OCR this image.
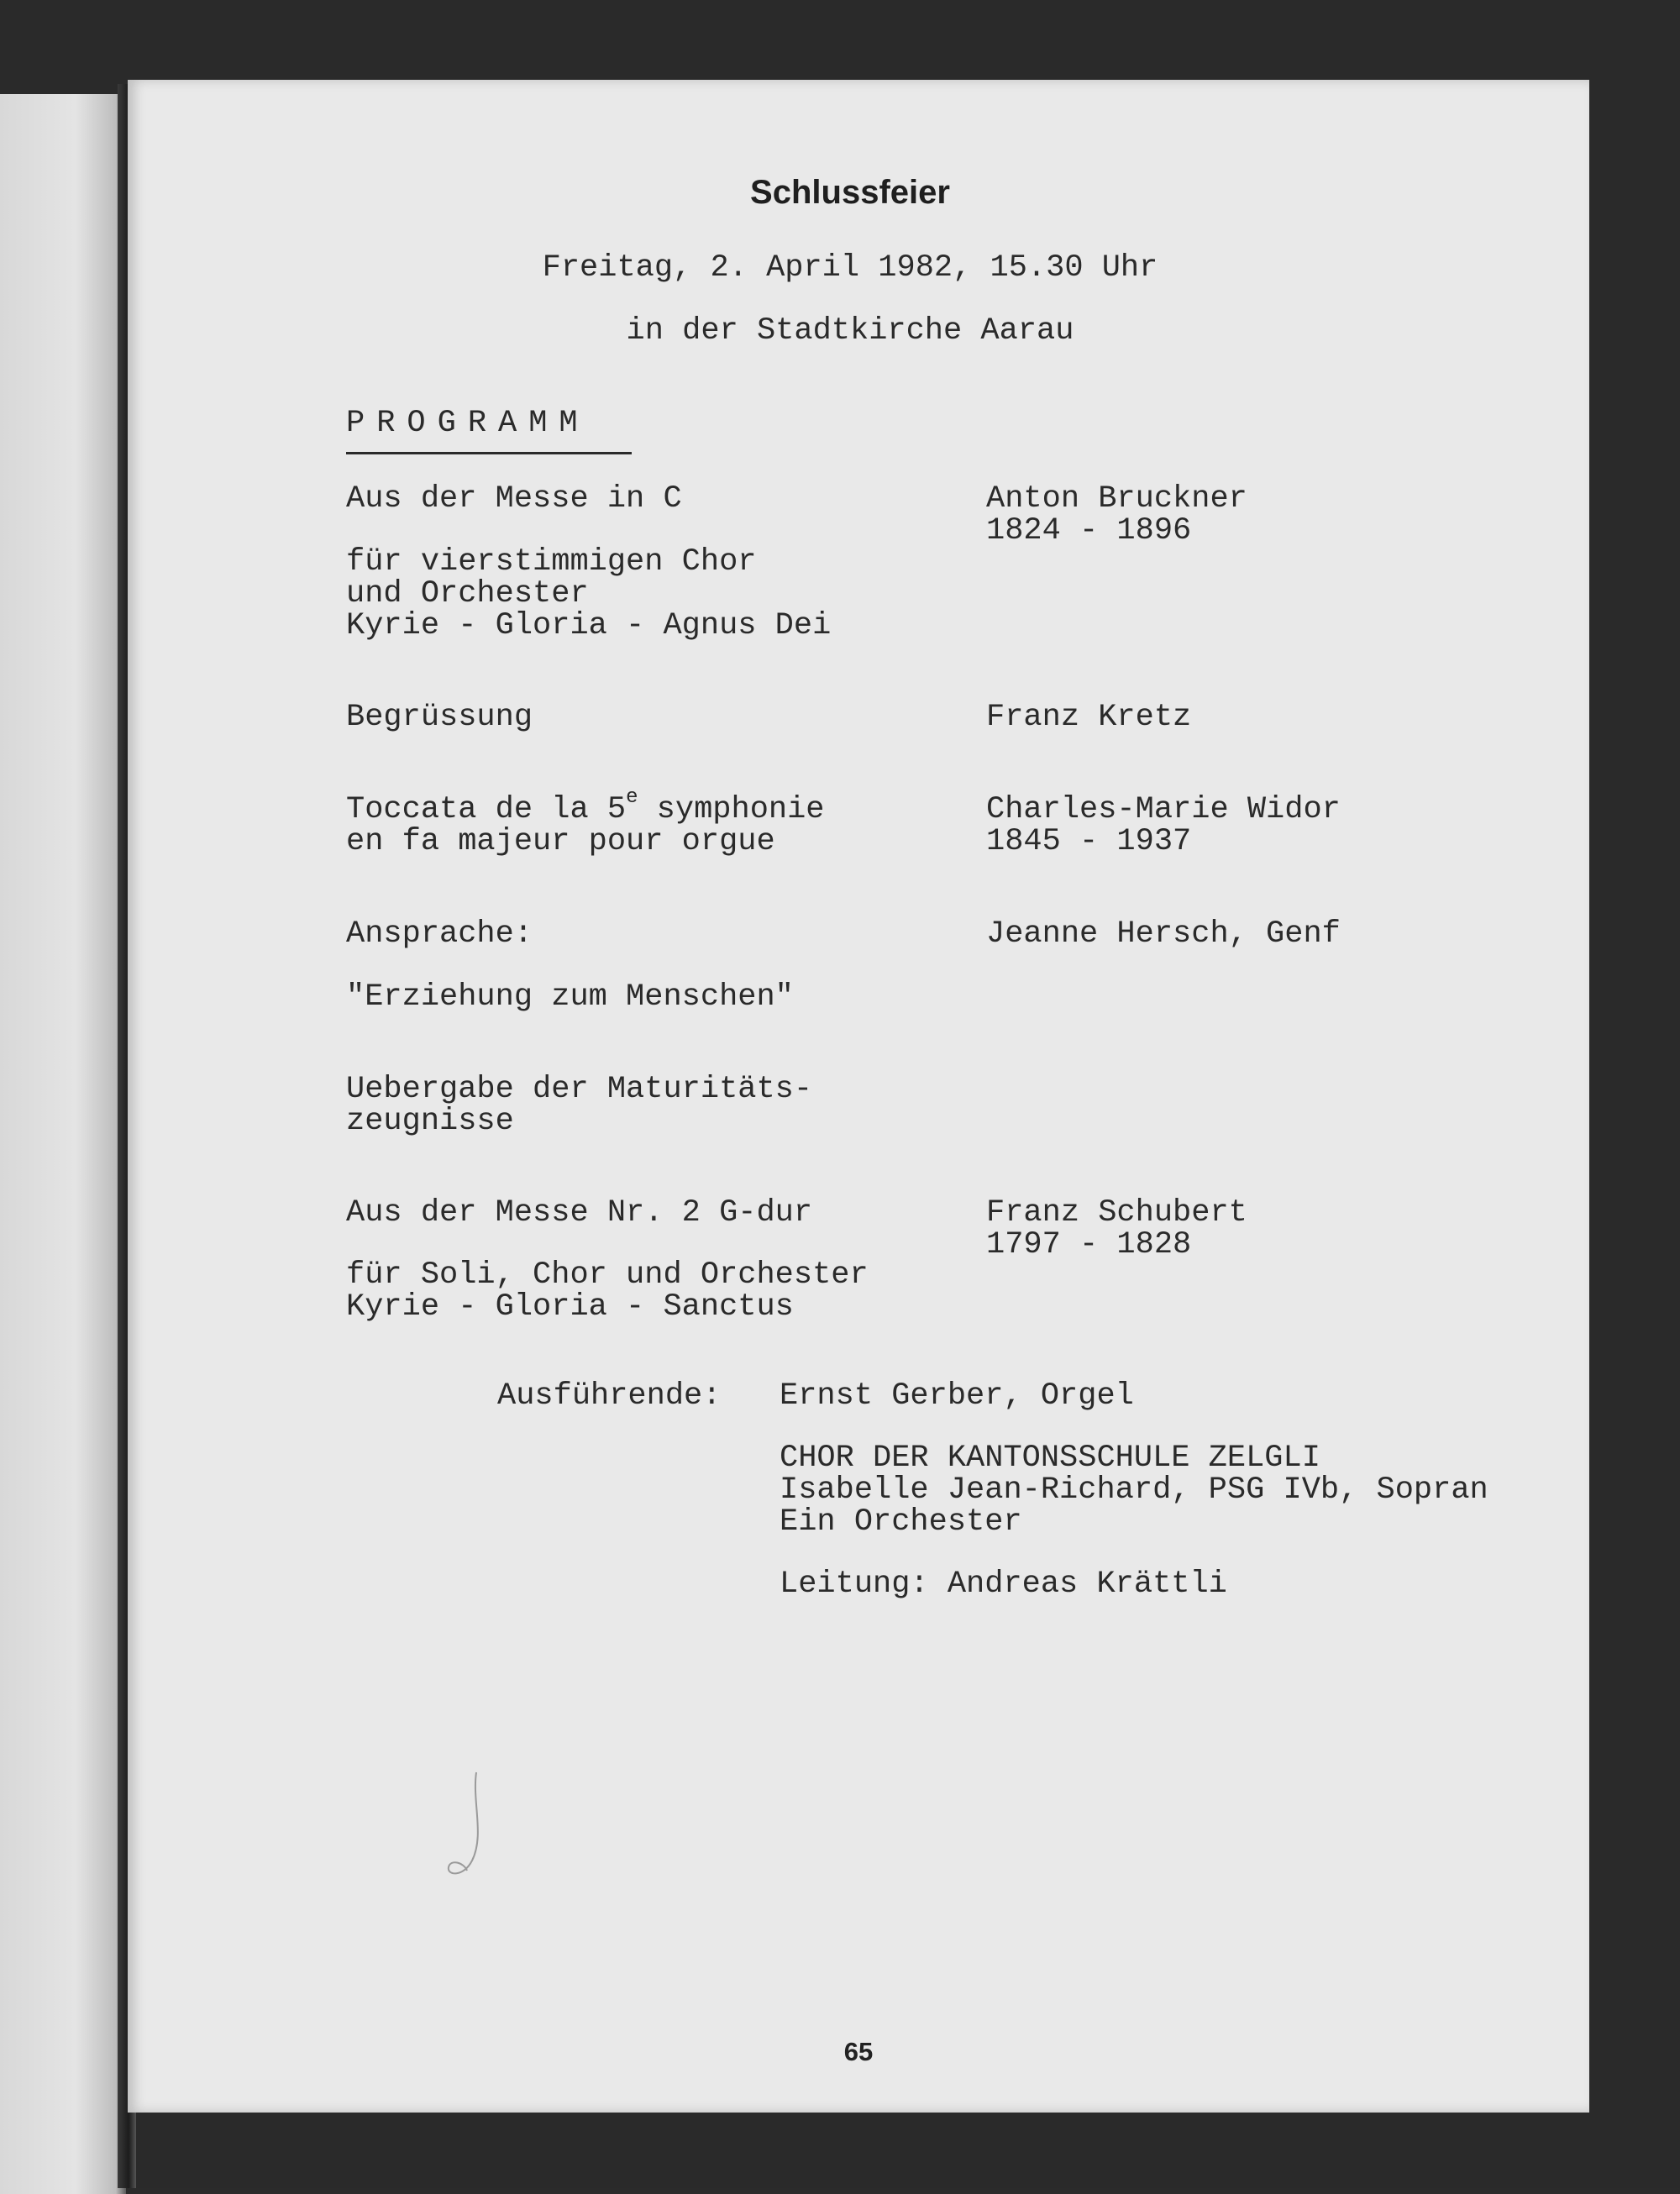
Schlussfeier

Freitag, 2. April 1982, 15.30 Uhr

in der Stadtkirche Aarau

PROGRAMM

Aus der Messe in C

für vierstimmigen Chor

und Orchester

Kyrie - Gloria - Agnus Dei

Anton Bruckner

1824 - 1896

Begrüssung	Franz Kretz

Toccata de la 5e symphonie

en fa majeur pour orgue

Charles-Marie Widor

1845 - 1937

Ansprache:	Jeanne Hersch, Genf

"Erziehung zum Menschen"

Uebergabe der Maturitäts-

zeugnisse

Aus der Messe Nr. 2 G-dur

für Soli, Chor und Orchester

Kyrie - Gloria - Sanctus

Franz Schubert

1797 - 1828

Ausführende: Ernst Gerber, Orgel

CHOR DER KANTONSSCHULE ZELGLI

Isabelle Jean-Richard, PSG IVb, Sopran

Ein Orchester

Leitung: Andreas Krättli

65
